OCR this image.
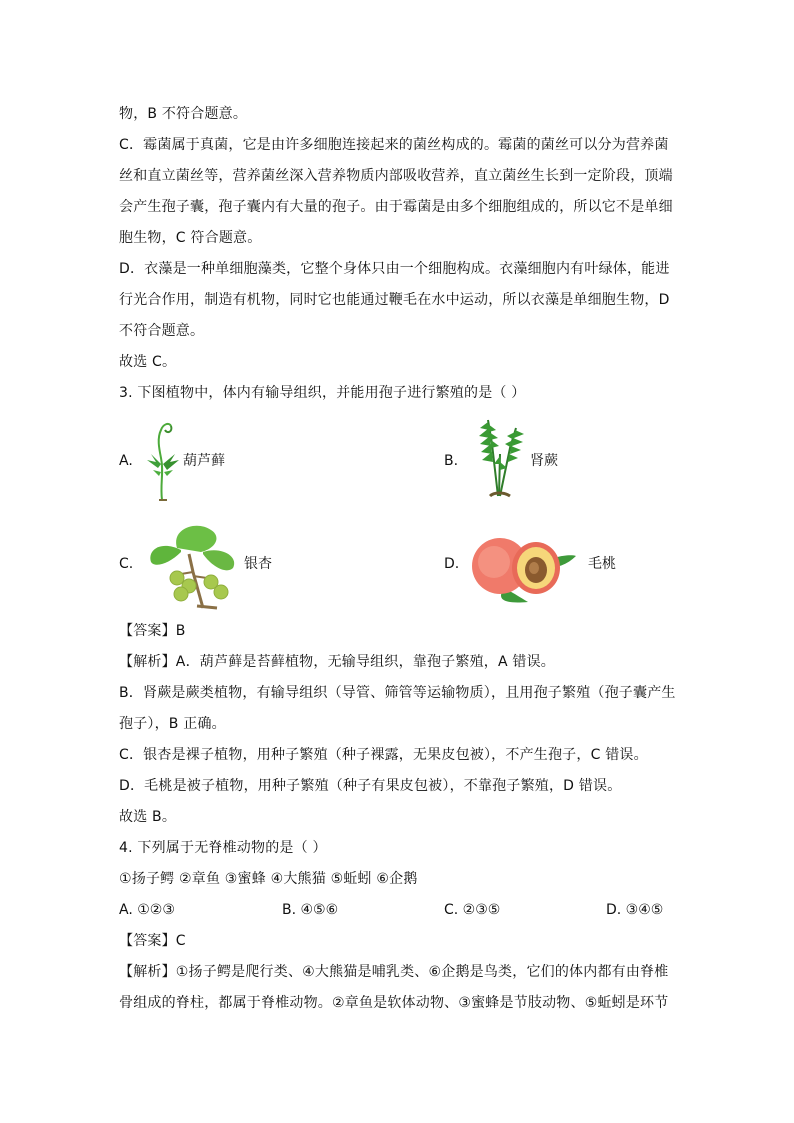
物，B 不符合题意。
C．霉菌属于真菌，它是由许多细胞连接起来的菌丝构成的。霉菌的菌丝可以分为营养菌
丝和直立菌丝等，营养菌丝深入营养物质内部吸收营养，直立菌丝生长到一定阶段，顶端
会产生孢子囊，孢子囊内有大量的孢子。由于霉菌是由多个细胞组成的，所以它不是单细
胞生物，C 符合题意。
D．衣藻是一种单细胞藻类，它整个身体只由一个细胞构成。衣藻细胞内有叶绿体，能进
行光合作用，制造有机物，同时它也能通过鞭毛在水中运动，所以衣藻是单细胞生物，D
不符合题意。
故选 C。
3. 下图植物中，体内有输导组织，并能用孢子进行繁殖的是（ ）
A.	葫芦藓	B.	肾蕨
C.	银杏	D.	毛桃
【答案】B
【解析】A．葫芦藓是苔藓植物，无输导组织，靠孢子繁殖，A 错误。
B．肾蕨是蕨类植物，有输导组织（导管、筛管等运输物质），且用孢子繁殖（孢子囊产生
孢子），B 正确。
C．银杏是裸子植物，用种子繁殖（种子裸露，无果皮包被），不产生孢子，C 错误。
D．毛桃是被子植物，用种子繁殖（种子有果皮包被），不靠孢子繁殖，D 错误。
故选 B。
4. 下列属于无脊椎动物的是（ ）
①扬子鳄 ②章鱼 ③蜜蜂 ④大熊猫 ⑤蚯蚓 ⑥企鹅
A. ①②③	B. ④⑤⑥	C. ②③⑤	D. ③④⑤
【答案】C
【解析】①扬子鳄是爬行类、④大熊猫是哺乳类、⑥企鹅是鸟类，它们的体内都有由脊椎
骨组成的脊柱，都属于脊椎动物。②章鱼是软体动物、③蜜蜂是节肢动物、⑤蚯蚓是环节
